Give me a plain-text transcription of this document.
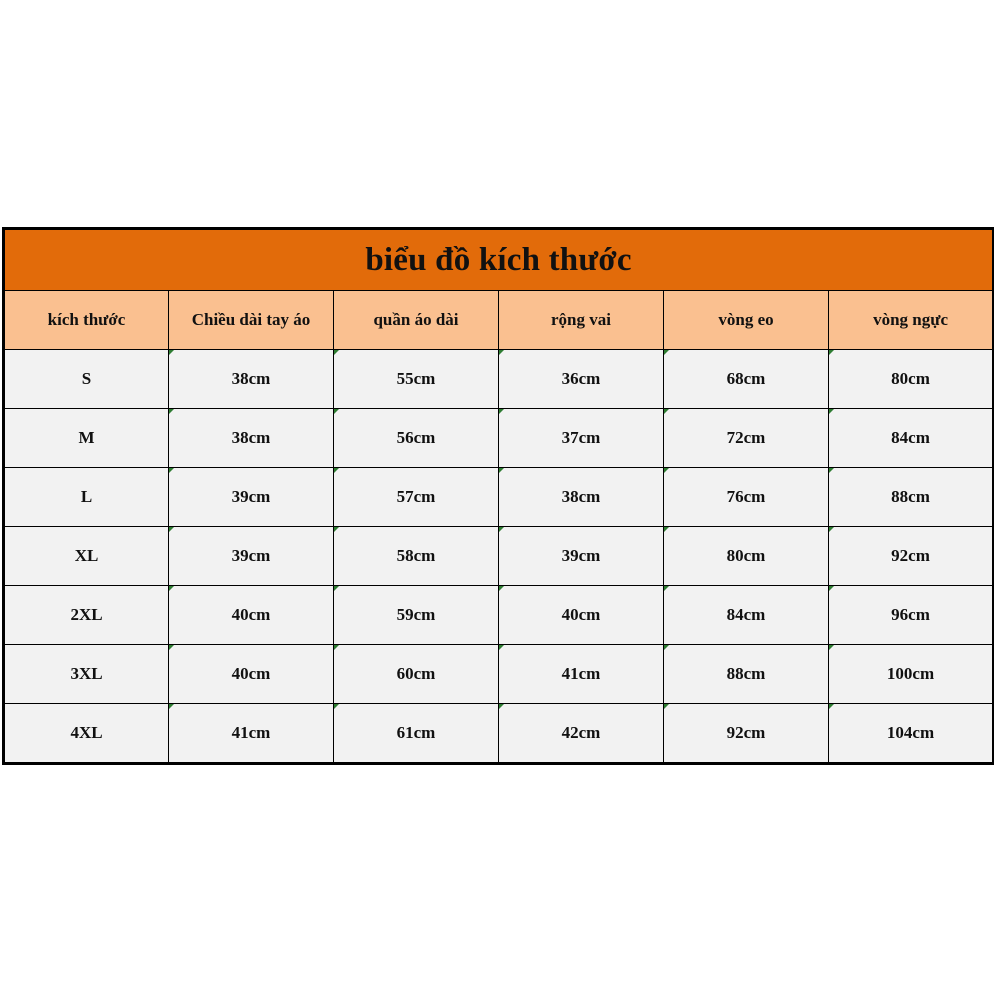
biểu đồ kích thước					
kích thước	Chiều dài tay áo	quần áo dài	rộng vai	vòng eo	vòng ngực
S	38cm	55cm	36cm	68cm	80cm
M	38cm	56cm	37cm	72cm	84cm
L	39cm	57cm	38cm	76cm	88cm
XL	39cm	58cm	39cm	80cm	92cm
2XL	40cm	59cm	40cm	84cm	96cm
3XL	40cm	60cm	41cm	88cm	100cm
4XL	41cm	61cm	42cm	92cm	104cm
